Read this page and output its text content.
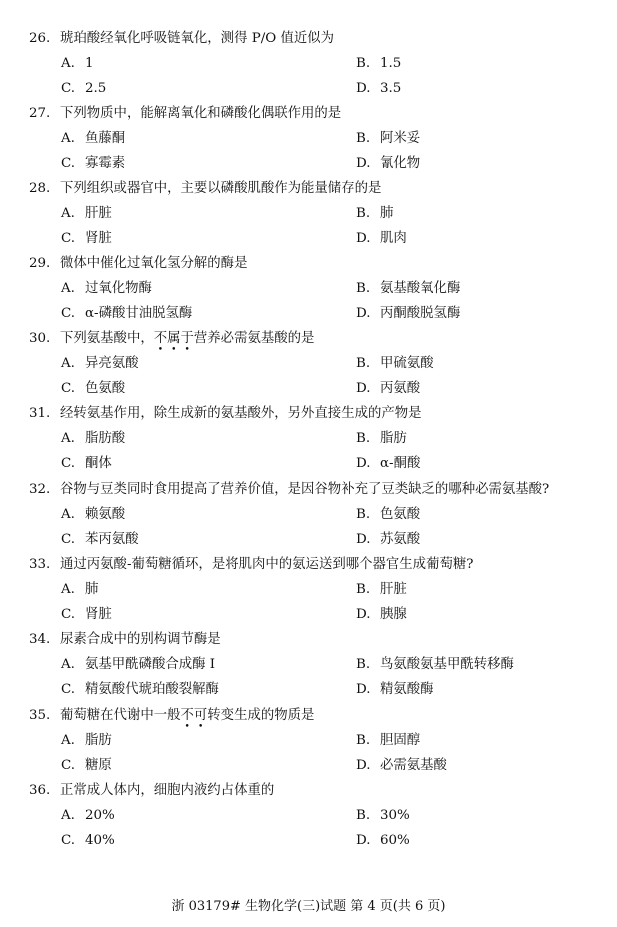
26. 琥珀酸经氧化呼吸链氧化，测得 P/O 值近似为
A. 1	B. 1.5
C. 2.5	D. 3.5
27. 下列物质中，能解离氧化和磷酸化偶联作用的是
A. 鱼藤酮	B. 阿米妥
C. 寡霉素	D. 氰化物
28. 下列组织或器官中，主要以磷酸肌酸作为能量储存的是
A. 肝脏	B. 肺
C. 肾脏	D. 肌肉
29. 微体中催化过氧化氢分解的酶是
A. 过氧化物酶	B. 氨基酸氧化酶
C. α-磷酸甘油脱氢酶	D. 丙酮酸脱氢酶
30. 下列氨基酸中，不属于营养必需氨基酸的是
A. 异亮氨酸	B. 甲硫氨酸
C. 色氨酸	D. 丙氨酸
31. 经转氨基作用，除生成新的氨基酸外，另外直接生成的产物是
A. 脂肪酸	B. 脂肪
C. 酮体	D. α-酮酸
32. 谷物与豆类同时食用提高了营养价值，是因谷物补充了豆类缺乏的哪种必需氨基酸?
A. 赖氨酸	B. 色氨酸
C. 苯丙氨酸	D. 苏氨酸
33. 通过丙氨酸-葡萄糖循环，是将肌肉中的氨运送到哪个器官生成葡萄糖?
A. 肺	B. 肝脏
C. 肾脏	D. 胰腺
34. 尿素合成中的别构调节酶是
A. 氨基甲酰磷酸合成酶 I	B. 鸟氨酸氨基甲酰转移酶
C. 精氨酸代琥珀酸裂解酶	D. 精氨酸酶
35. 葡萄糖在代谢中一般不可转变生成的物质是
A. 脂肪	B. 胆固醇
C. 糖原	D. 必需氨基酸
36. 正常成人体内，细胞内液约占体重的
A. 20%	B. 30%
C. 40%	D. 60%
浙 03179# 生物化学(三)试题 第 4 页(共 6 页)
